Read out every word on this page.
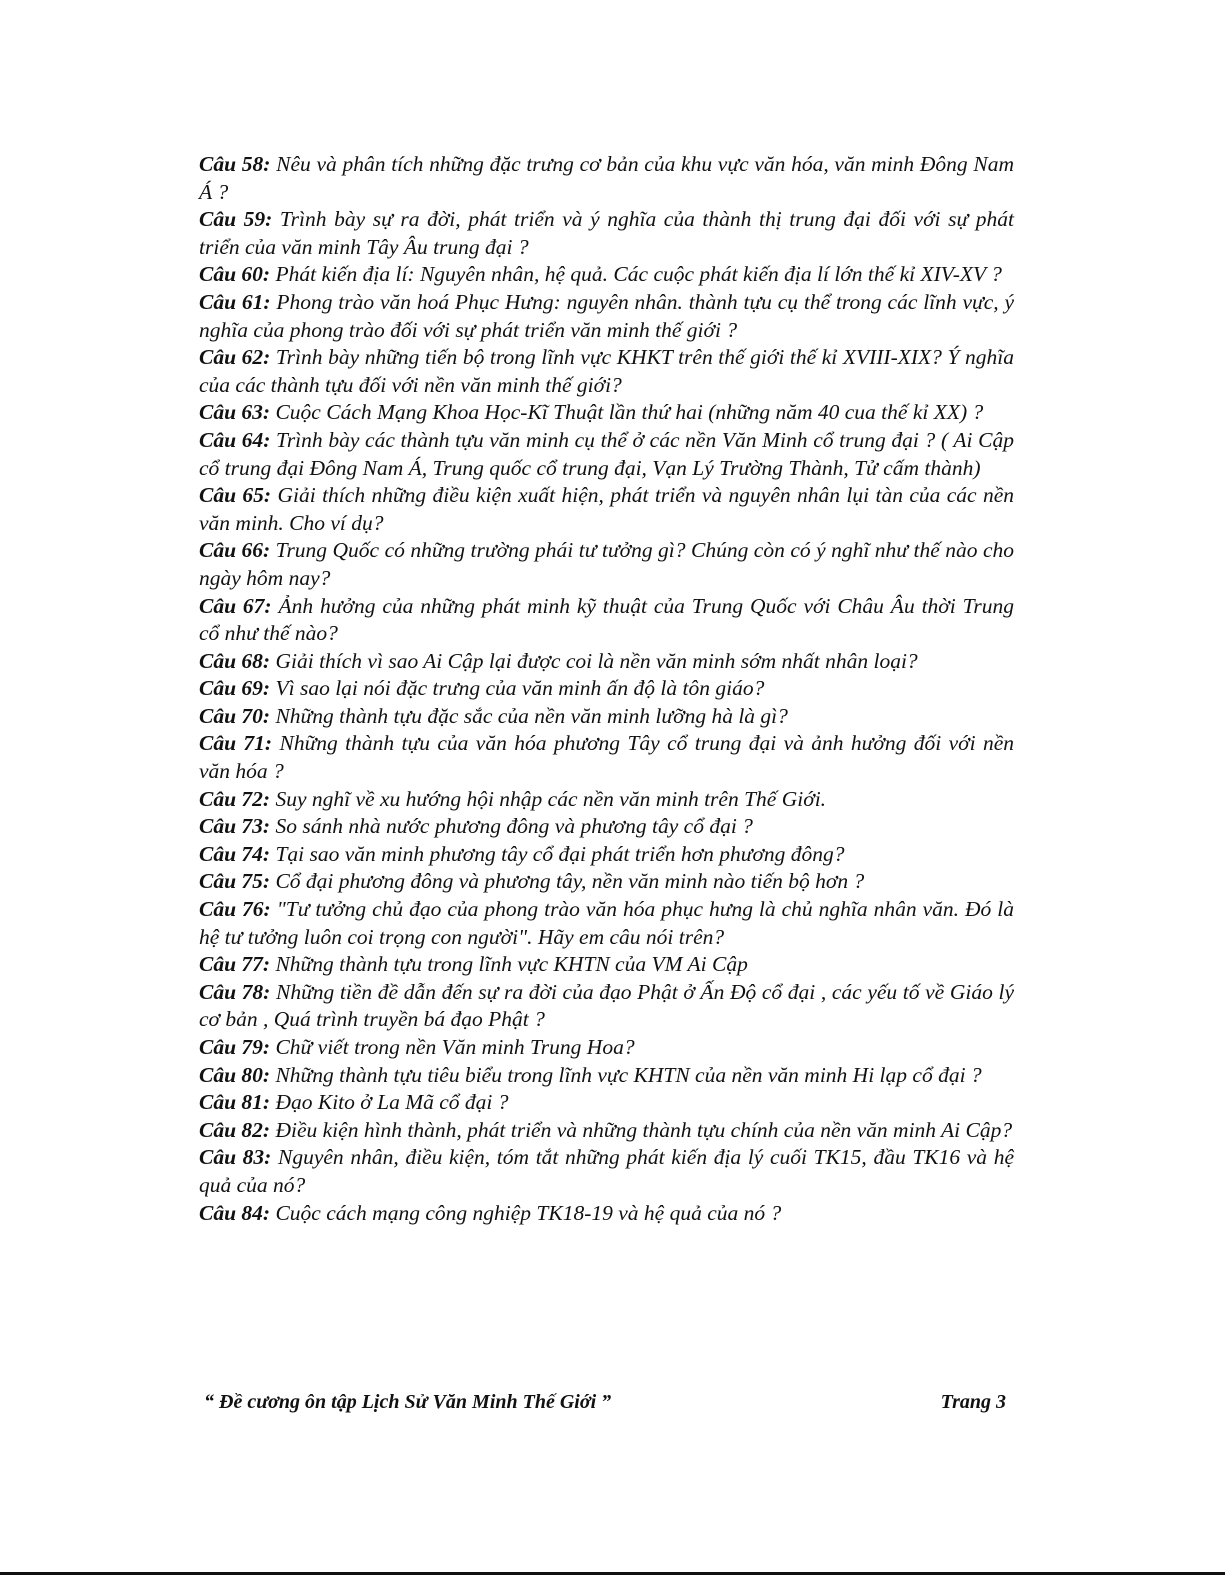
Câu 58: Nêu và phân tích những đặc trưng cơ bản của khu vực văn hóa, văn minh Đông Nam Á ?

Câu 59: Trình bày sự ra đời, phát triển và ý nghĩa của thành thị trung đại đối với sự phát triển của văn minh Tây Âu trung đại ?

Câu 60: Phát kiến địa lí: Nguyên nhân, hệ quả. Các cuộc phát kiến địa lí lớn thế kỉ XIV-XV ?

Câu 61: Phong trào văn hoá Phục Hưng: nguyên nhân. thành tựu cụ thể trong các lĩnh vực, ý nghĩa của phong trào đối với sự phát triển văn minh thế giới ?

Câu 62: Trình bày những tiến bộ trong lĩnh vực KHKT trên thế giới thế kỉ XVIII-XIX? Ý nghĩa của các thành tựu đối với nền văn minh thế giới?

Câu 63: Cuộc Cách Mạng Khoa Học-Kĩ Thuật lần thứ hai (những năm 40 cua thế kỉ XX) ?

Câu 64: Trình bày các thành tựu văn minh cụ thể ở các nền Văn Minh cổ trung đại ? ( Ai Cập cổ trung đại Đông Nam Á, Trung quốc cổ trung đại, Vạn Lý Trường Thành, Tử cấm thành)

Câu 65: Giải thích những điều kiện xuất hiện, phát triển và nguyên nhân lụi tàn của các nền văn minh. Cho ví dụ?

Câu 66: Trung Quốc có những trường phái tư tưởng gì? Chúng còn có ý nghĩ như thế nào cho ngày hôm nay?

Câu 67: Ảnh hưởng của những phát minh kỹ thuật của Trung Quốc với Châu Âu thời Trung cổ như thế nào?

Câu 68: Giải thích vì sao Ai Cập lại được coi là nền văn minh sớm nhất nhân loại?

Câu 69: Vì sao lại nói đặc trưng của văn minh ấn độ là tôn giáo?

Câu 70: Những thành tựu đặc sắc của nền văn minh lưỡng hà là gì?

Câu 71: Những thành tựu của văn hóa phương Tây cổ trung đại và ảnh hưởng đối với nền văn hóa ?

Câu 72: Suy nghĩ về xu hướng hội nhập các nền văn minh trên Thế Giới.

Câu 73: So sánh nhà nước phương đông và phương tây cổ đại ?

Câu 74: Tại sao văn minh phương tây cổ đại phát triển hơn phương đông?

Câu 75: Cổ đại phương đông và phương tây, nền văn minh nào tiến bộ hơn ?

Câu 76: "Tư tưởng chủ đạo của phong trào văn hóa phục hưng là chủ nghĩa nhân văn. Đó là hệ tư tưởng luôn coi trọng con người". Hãy em câu nói trên?

Câu 77: Những thành tựu trong lĩnh vực KHTN của VM Ai Cập

Câu 78: Những tiền đề dẫn đến sự ra đời của đạo Phật ở Ấn Độ cổ đại , các yếu tố về Giáo lý cơ bản , Quá trình truyền bá đạo Phật ?

Câu 79: Chữ viết trong nền Văn minh Trung Hoa?

Câu 80: Những thành tựu tiêu biểu trong lĩnh vực KHTN của nền văn minh Hi lạp cổ đại ?

Câu 81: Đạo Kito ở La Mã cổ đại ?

Câu 82: Điều kiện hình thành, phát triển và những thành tựu chính của nền văn minh Ai Cập?

Câu 83: Nguyên nhân, điều kiện, tóm tắt những phát kiến địa lý cuối TK15, đầu TK16 và hệ quả của nó?

Câu 84: Cuộc cách mạng công nghiệp TK18-19 và hệ quả của nó ?

“ Đề cương ôn tập Lịch Sử Văn Minh Thế Giới ”	Trang 3
